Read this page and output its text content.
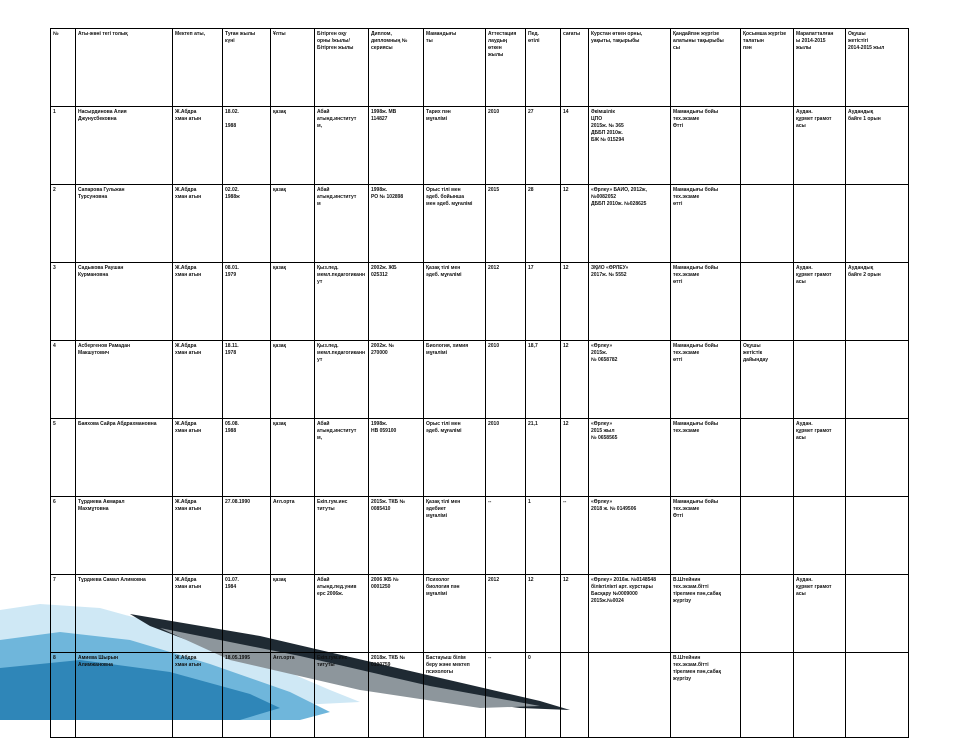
№	Аты-жөні тегі толық	Мектеп аты,	Туған жылы
күні	Ұлты	Бітірген оқу
орны /жылы/
Бітірген жылы	Диплом,
дипломның №
сериясы	Мамандығы
ты	Аттестация
лаудың
өткен
жылы	Пед.
өтілі	сағаты	Курстан өткен орны,
уақыты, тақырыбы	Қандайпән жүргізе
алатыны тақырыбы
сы	Қосымша жүргізе
талатын
пән	Марапатталған
ы 2014-2015
жылы	Оқушы
жетістігі
2014-2015 жыл
1	Насырдинова Алия
Джунусбековна	Ж.Абдра
хман атын	18.02.

1988	қазақ	Абай
атынд.институт
м,	1998ж. МВ
114827	Тарих пән
мұғалімі	2010	27	14	Әкімшілік
ЦПО
2015ж. № 365
ДББП 2010ж.
БЖ № 015294	Мамандығы бойы
тех.экзаме
Өтті		Аудан.
құрмет грамот
асы	Аудандық
байге 1 орын
2	Сапарова Гульжан
Турсуновна	Ж.Абдра
хман атын	02.02.
1988ж	қазақ	Абай
атынд.институт
м	1998ж.
РО № 102898	Орыс тілі мен
әдеб. бойынша
мен әдеб. мұғалімі	2015	28	12	«Өрлеу» БАИО, 2012ж,
№0082052
ДББП 2010ж. №028625	Мамандығы бойы
тех.экзаме
өтті			
3	Садыкова Раушан
Курмановна	Ж.Абдра
хман атын	08.01.
1979	қазақ	Қыз.пед.
мемл.педагогиканн
ут	2002ж. ЖБ
025312	Қазақ тілі мен
әдеб. мұғалімі	2012	17	12	ЗҚИО «ӨРЛЕУ»
2017ж. № 5552	Мамандығы бойы
тех.экзаме
өтті		Аудан.
құрмет грамот
асы	Аудандық
байге 2 орын
4	Асбергенов Рамадан
Макшутович	Ж.Абдра
хман атын	18.11.
1978	қазақ	Қыз.пед.
мемл.педагогиканн
ут	2002ж. №
270000	Биология, химия
мұғалімі	2010	18,7	12	«Өрлеу»
2015ж.
№ 0658782	Мамандығы бойы
тех.экзаме
өтті	Оқушы
жетістік
дайындау		
5	Баяхова Сайра Абдрахмановна	Ж.Абдра
хман атын	05.08.
1988	қазақ	Абай
атынд.институт
м,	1998ж.
НВ 059100	Орыс тілі мен
әдеб. мұғалімі	2010	21,1	12	«Өрлеу»
2015 жыл
№ 0658565	Мамандығы бойы
тех.экзаме		Аудан.
құрмет грамот
асы	
6	Тұрдиева Акмарал
Махмұтовна	Ж.Абдра
хман атын	27.08.1990	Ағл.орта	Екіп.гум.инс
титуты	2015ж. ТКБ №
0085410	Қазақ тілі мен
әдебиет
мұғалімі	--	1	--	«Өрлеу»
2018 ж. № 0149506	Мамандығы бойы
тех.экзаме
Өтті			
7	Тұрдиева Самал Алимовна	Ж.Абдра
хман атын	01.07.
1984	қазақ	Абай
атынд.пед.унив
ерс 2006ж.	2006 ЖБ №
0001250	Психолог
биология пән
мұғалімі	2012	12	12	«Өрлеу» 2016ж. №0148548
біліктілікті арт. курстары
Басқару №0009000
2015ж.№0024	В.Штейнин
тех.экзам.бітті
тірелмен пән,сабақ
жүргізу		Аудан.
құрмет грамот
асы	
8	Амиева Шырын
Алимжановна	Ж.Абдра
хман атын	18.05.1995	Ағл.орта	Екіп.гум.инс
титуты	2018ж. ТКБ №
0100759	Бастауыш білім
беру және мектеп
психологы	--	0			В.Штейнин
тех.экзам.бітті
тірелмен пән,сабақ
жүргізу			
